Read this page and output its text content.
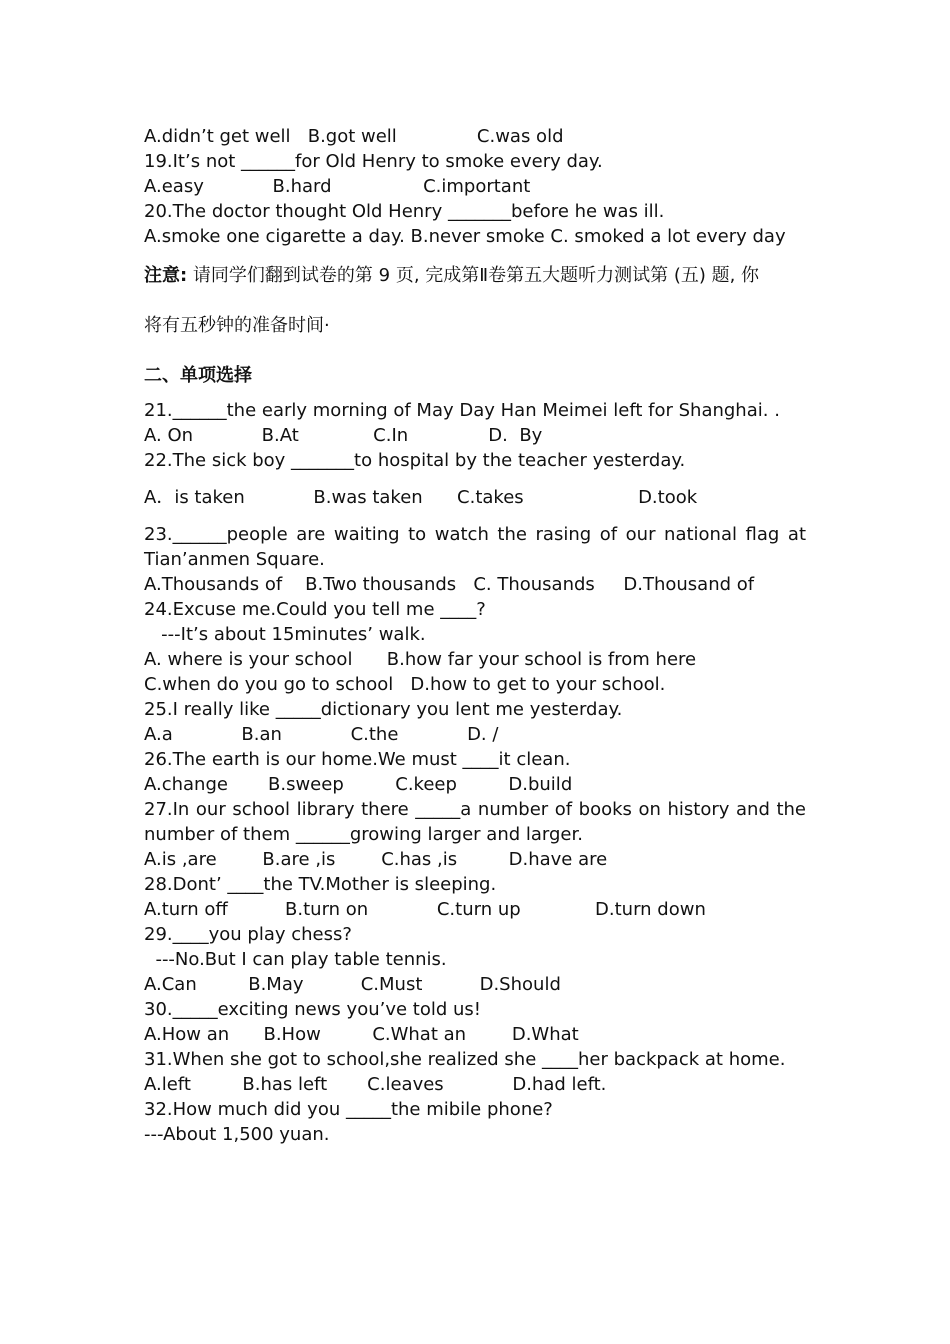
A.didn’t get well   B.got well              C.was old
19.It’s not ______for Old Henry to smoke every day.
A.easy            B.hard                C.important
20.The doctor thought Old Henry _______before he was ill.
A.smoke one cigarette a day. B.never smoke C. smoked a lot every day
注意: 请同学们翻到试卷的第 9 页, 完成第Ⅱ卷第五大题听力测试第 (五) 题, 你
将有五秒钟的准备时间·
二、单项选择
21.______the early morning of May Day Han Meimei left for Shanghai. .
A. On            B.At             C.In              D.  By
22.The sick boy _______to hospital by the teacher yesterday.
A．is taken            B.was taken      C.takes                    D.took
23.______people are waiting to watch the rasing of our national flag at Tian’anmen Square.
A.Thousands of    B.Two thousands   C. Thousands     D.Thousand of
24.Excuse me.Could you tell me ____?
---It’s about 15minutes’ walk.
A. where is your school      B.how far your school is from here
C.when do you go to school   D.how to get to your school.
25.I really like _____dictionary you lent me yesterday.
A.a            B.an            C.the            D. /
26.The earth is our home.We must ____it clean.
A.change       B.sweep         C.keep         D.build
27.In our school library there _____a number of books on history and the number of them ______growing larger and larger.
A.is ,are        B.are ,is        C.has ,is         D.have are
28.Dont’ ____the TV.Mother is sleeping.
A.turn off          B.turn on            C.turn up             D.turn down
29.____you play chess?
---No.But I can play table tennis.
A.Can         B.May          C.Must          D.Should
30._____exciting news you’ve told us!
A.How an      B.How         C.What an        D.What
31.When she got to school,she realized she ____her backpack at home.
A.left         B.has left       C.leaves            D.had left.
32.How much did you _____the mibile phone?
---About 1,500 yuan.
